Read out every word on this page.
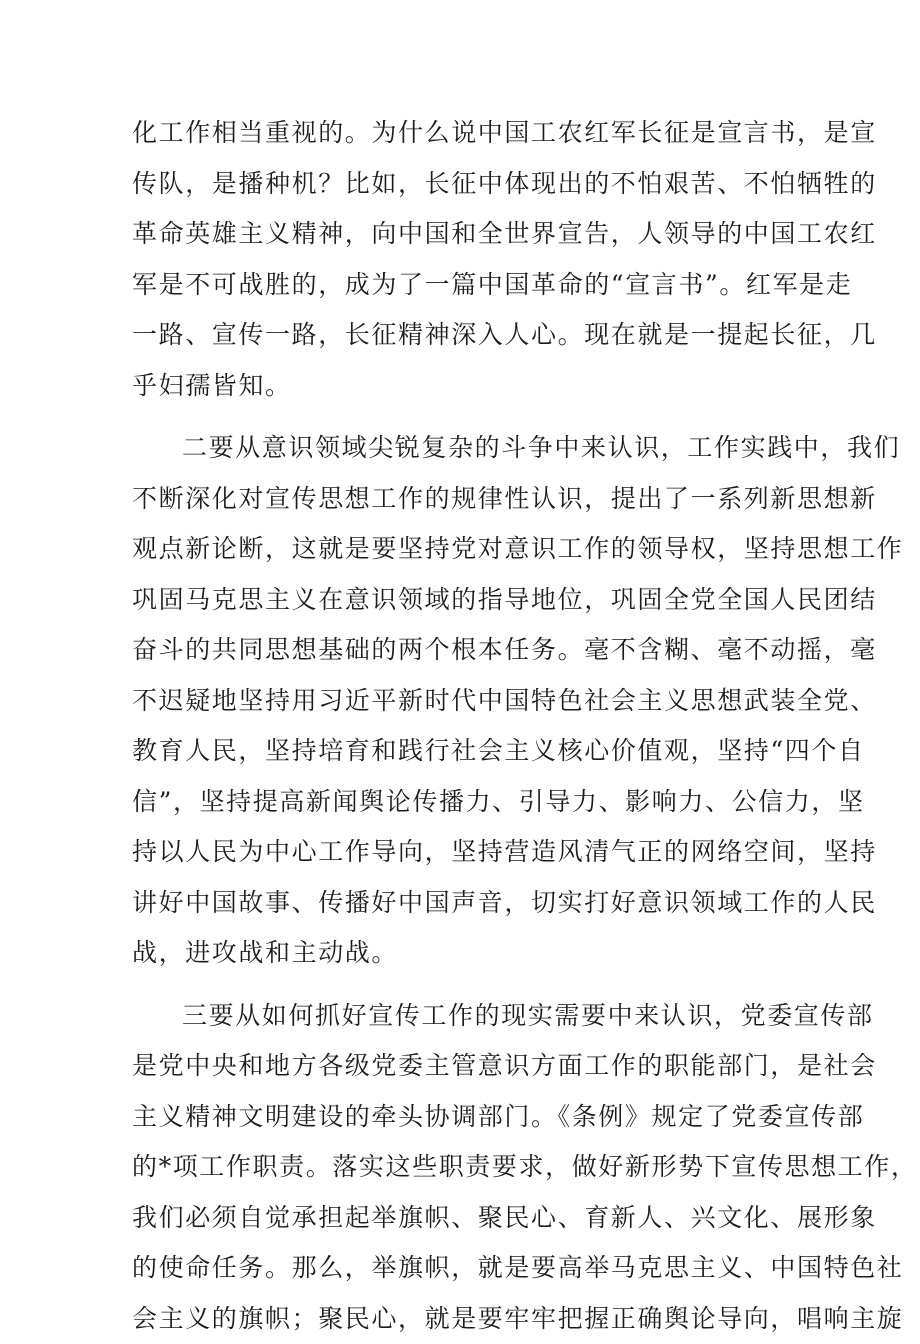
化工作相当重视的。为什么说中国工农红军长征是宣言书，是宣
传队，是播种机？比如，长征中体现出的不怕艰苦、不怕牺牲的
革命英雄主义精神，向中国和全世界宣告，人领导的中国工农红
军是不可战胜的，成为了一篇中国革命的“宣言书”。红军是走
一路、宣传一路，长征精神深入人心。现在就是一提起长征，几
乎妇孺皆知。
二要从意识领域尖锐复杂的斗争中来认识，工作实践中，我们
不断深化对宣传思想工作的规律性认识，提出了一系列新思想新
观点新论断，这就是要坚持党对意识工作的领导权，坚持思想工作
巩固马克思主义在意识领域的指导地位，巩固全党全国人民团结
奋斗的共同思想基础的两个根本任务。毫不含糊、毫不动摇，毫
不迟疑地坚持用习近平新时代中国特色社会主义思想武装全党、
教育人民，坚持培育和践行社会主义核心价值观，坚持“四个自
信”，坚持提高新闻舆论传播力、引导力、影响力、公信力，坚
持以人民为中心工作导向，坚持营造风清气正的网络空间，坚持
讲好中国故事、传播好中国声音，切实打好意识领域工作的人民
战，进攻战和主动战。
三要从如何抓好宣传工作的现实需要中来认识，党委宣传部
是党中央和地方各级党委主管意识方面工作的职能部门，是社会
主义精神文明建设的牵头协调部门。《条例》规定了党委宣传部
的*项工作职责。落实这些职责要求，做好新形势下宣传思想工作，
我们必须自觉承担起举旗帜、聚民心、育新人、兴文化、展形象
的使命任务。那么，举旗帜，就是要高举马克思主义、中国特色社
会主义的旗帜；聚民心，就是要牢牢把握正确舆论导向，唱响主旋
